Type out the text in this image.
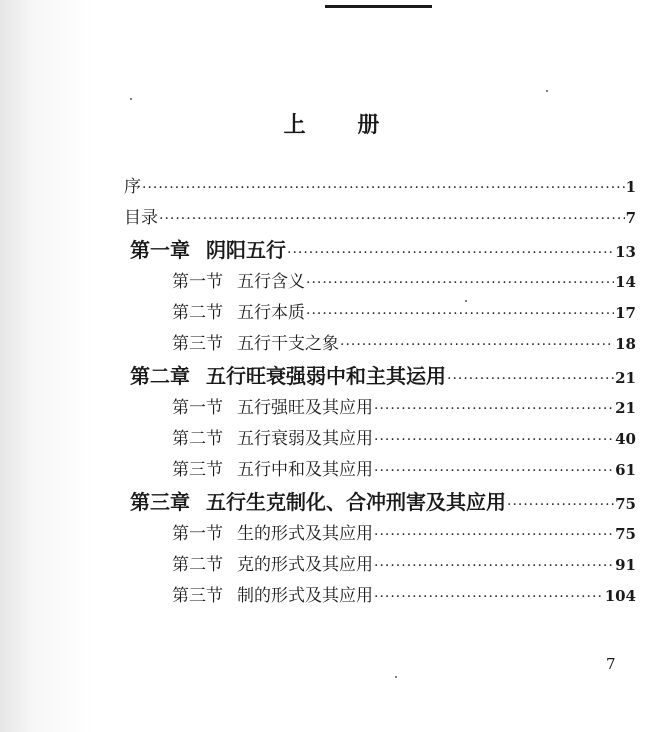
上 册
序 ·····	1
目录 ·····	7
第一章 阴阳五行 ·····	13
第一节 五行含义 ·····	14
第二节 五行本质 ·····	17
第三节 五行干支之象 ·····	18
第二章 五行旺衰强弱中和主其运用 ·····	21
第一节 五行强旺及其应用 ·····	21
第二节 五行衰弱及其应用 ·····	40
第三节 五行中和及其应用 ·····	61
第三章 五行生克制化、合冲刑害及其应用 ·····	75
第一节 生的形式及其应用 ·····	75
第二节 克的形式及其应用 ·····	91
第三节 制的形式及其应用 ·····	104
7
